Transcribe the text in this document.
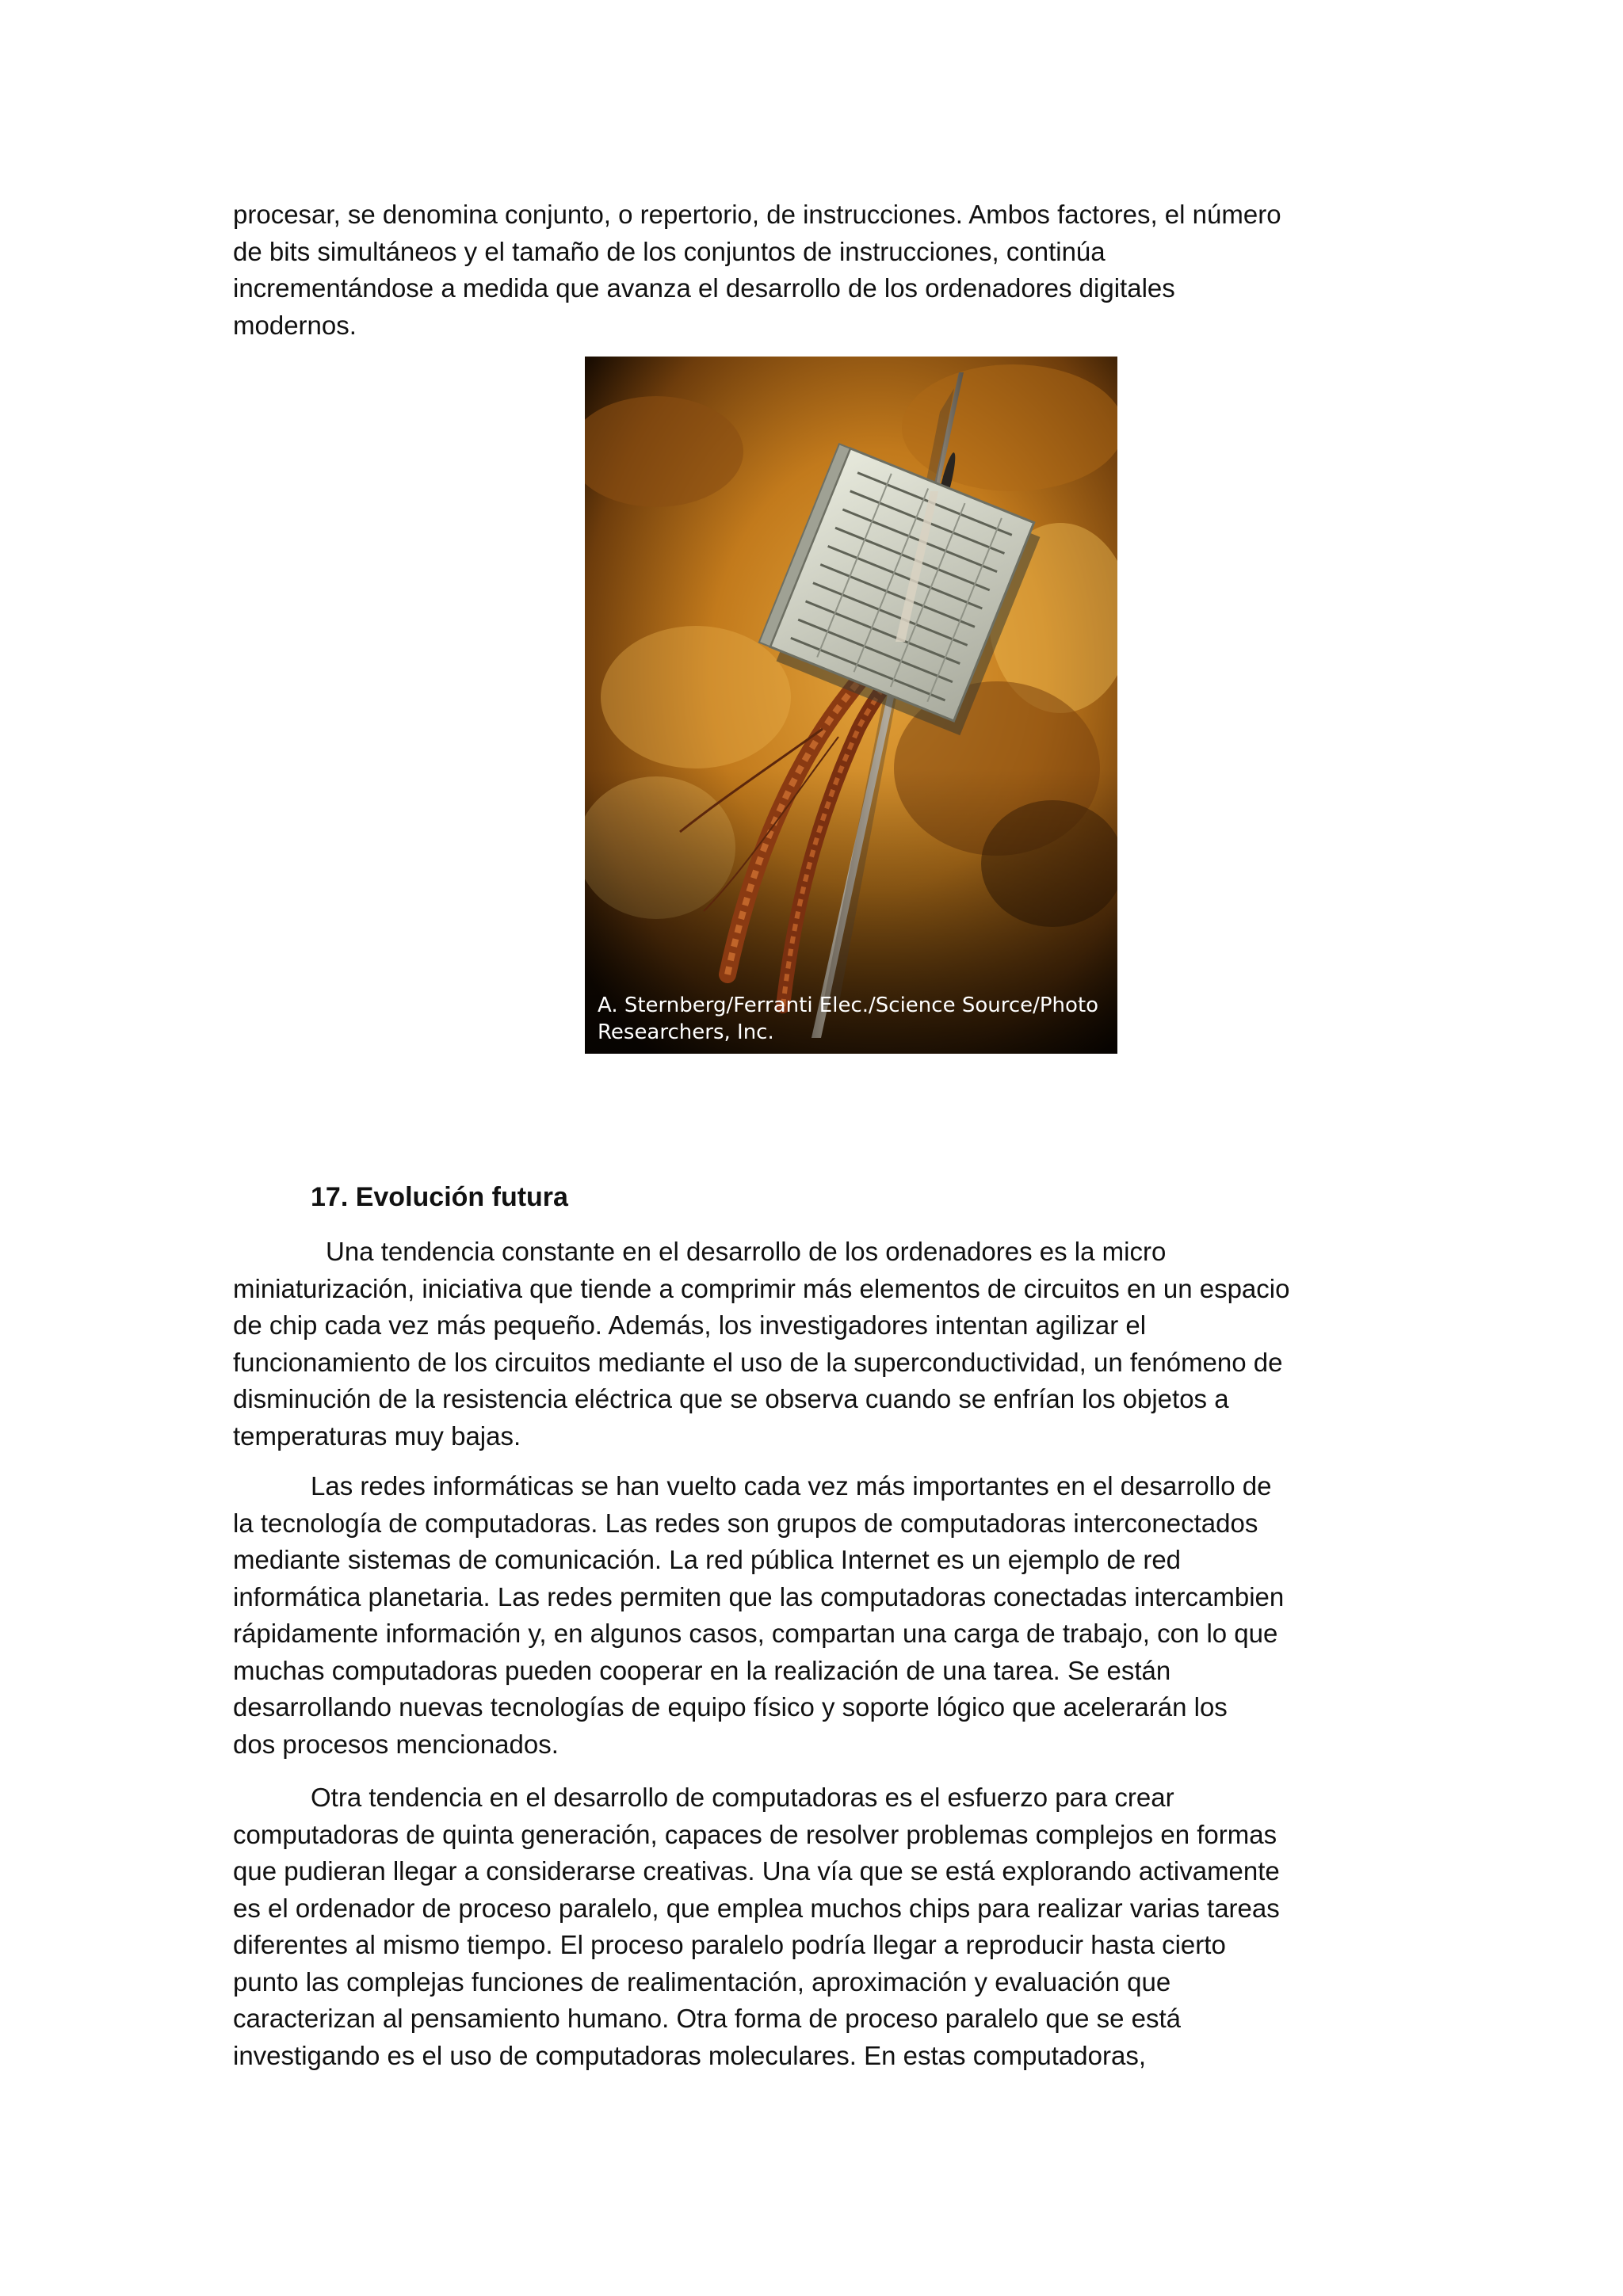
procesar, se denomina conjunto, o repertorio, de instrucciones. Ambos factores, el número
de bits simultáneos y el tamaño de los conjuntos de instrucciones, continúa
incrementándose a medida que avanza el desarrollo de los ordenadores digitales
modernos.
A. Sternberg/Ferranti Elec./Science Source/Photo
Researchers, Inc.
17. Evolución futura
Una tendencia constante en el desarrollo de los ordenadores es la micro
miniaturización, iniciativa que tiende a comprimir más elementos de circuitos en un espacio
de chip cada vez más pequeño. Además, los investigadores intentan agilizar el
funcionamiento de los circuitos mediante el uso de la superconductividad, un fenómeno de
disminución de la resistencia eléctrica que se observa cuando se enfrían los objetos a
temperaturas muy bajas.
Las redes informáticas se han vuelto cada vez más importantes en el desarrollo de
la tecnología de computadoras. Las redes son grupos de computadoras interconectados
mediante sistemas de comunicación. La red pública Internet es un ejemplo de red
informática planetaria. Las redes permiten que las computadoras conectadas intercambien
rápidamente información y, en algunos casos, compartan una carga de trabajo, con lo que
muchas computadoras pueden cooperar en la realización de una tarea. Se están
desarrollando nuevas tecnologías de equipo físico y soporte lógico que acelerarán los
dos procesos mencionados.
Otra tendencia en el desarrollo de computadoras es el esfuerzo para crear
computadoras de quinta generación, capaces de resolver problemas complejos en formas
que pudieran llegar a considerarse creativas. Una vía que se está explorando activamente
es el ordenador de proceso paralelo, que emplea muchos chips para realizar varias tareas
diferentes al mismo tiempo. El proceso paralelo podría llegar a reproducir hasta cierto
punto las complejas funciones de realimentación, aproximación y evaluación que
caracterizan al pensamiento humano. Otra forma de proceso paralelo que se está
investigando es el uso de computadoras moleculares. En estas computadoras,
